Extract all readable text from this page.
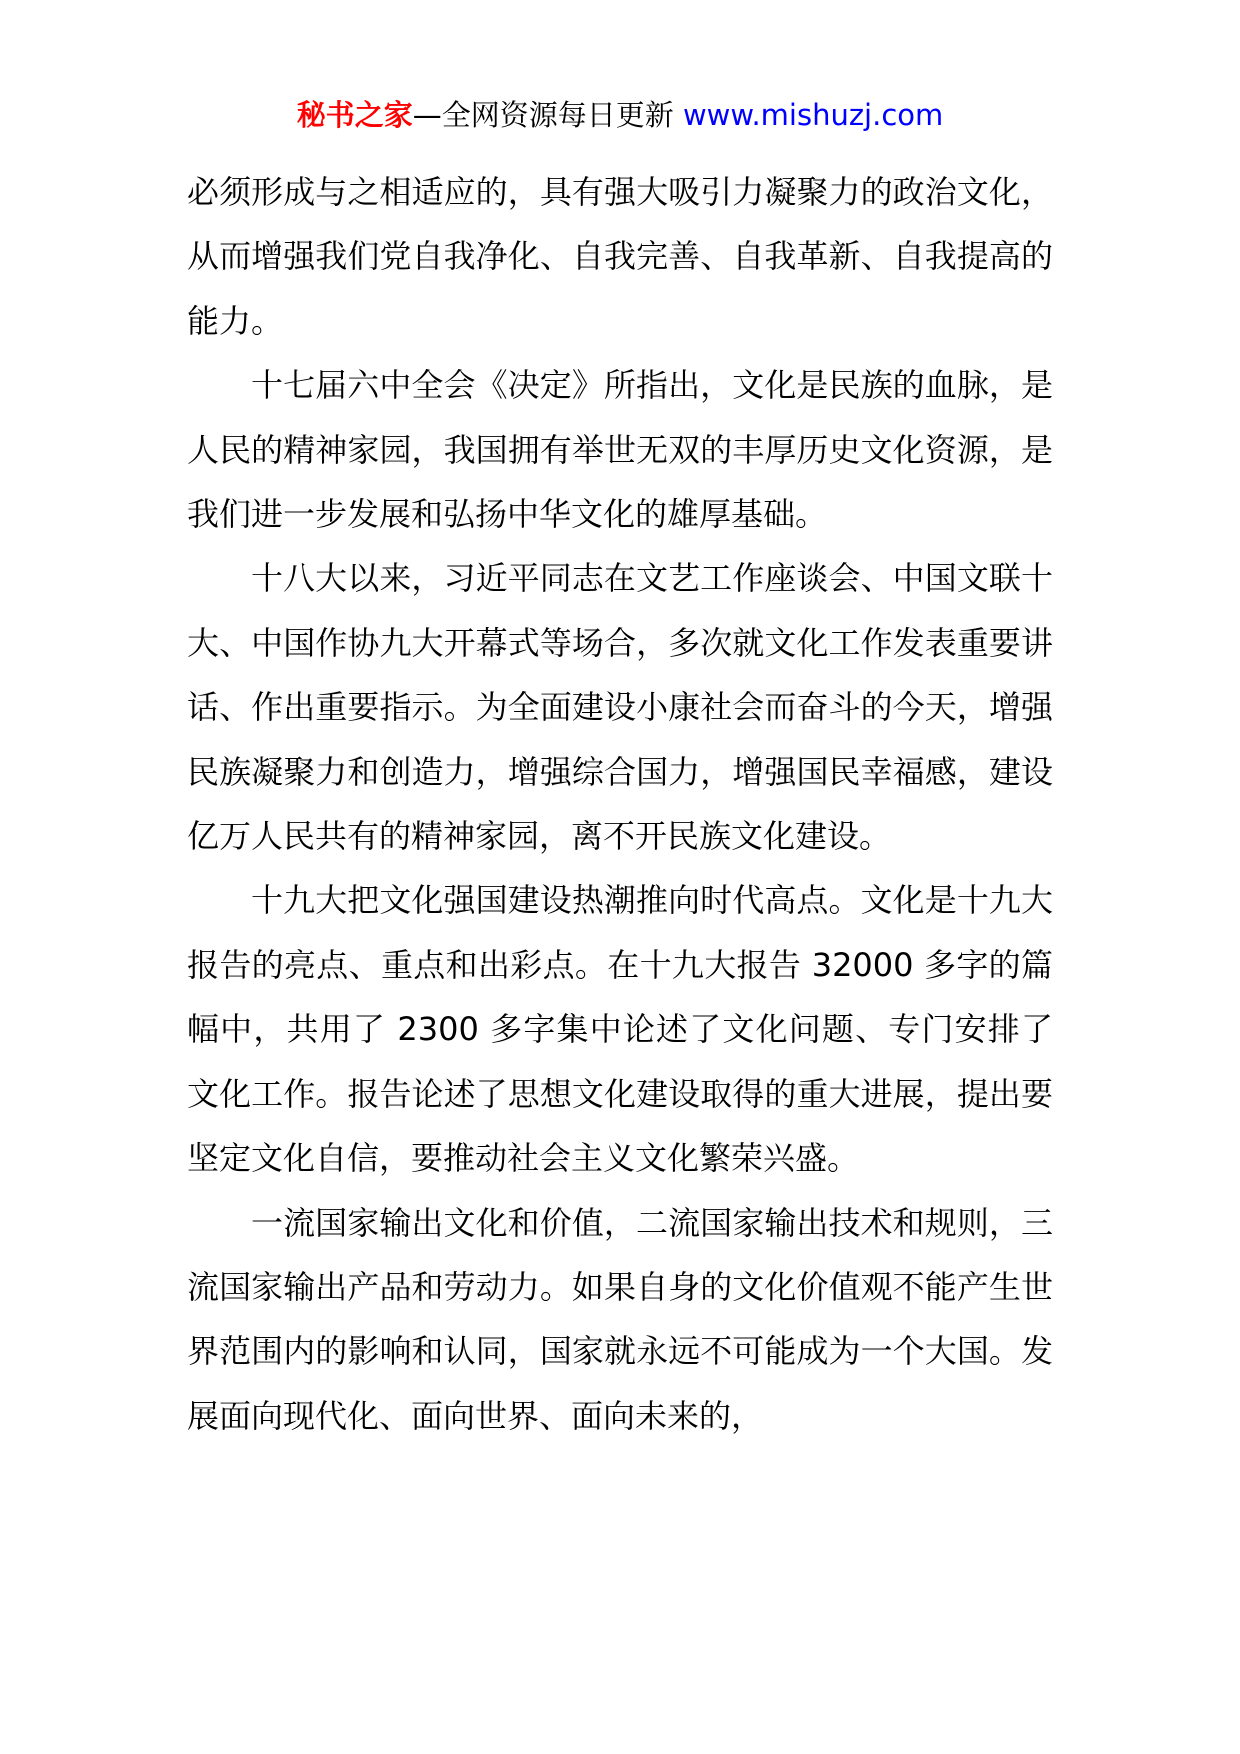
秘书之家—全网资源每日更新 www.mishuzj.com

必须形成与之相适应的，具有强大吸引力凝聚力的政治文化，从而增强我们党自我净化、自我完善、自我革新、自我提高的能力。

十七届六中全会《决定》所指出，文化是民族的血脉，是人民的精神家园，我国拥有举世无双的丰厚历史文化资源，是我们进一步发展和弘扬中华文化的雄厚基础。

十八大以来，习近平同志在文艺工作座谈会、中国文联十大、中国作协九大开幕式等场合，多次就文化工作发表重要讲话、作出重要指示。为全面建设小康社会而奋斗的今天，增强民族凝聚力和创造力，增强综合国力，增强国民幸福感，建设亿万人民共有的精神家园，离不开民族文化建设。

十九大把文化强国建设热潮推向时代高点。文化是十九大报告的亮点、重点和出彩点。在十九大报告 32000 多字的篇幅中，共用了 2300 多字集中论述了文化问题、专门安排了文化工作。报告论述了思想文化建设取得的重大进展，提出要坚定文化自信，要推动社会主义文化繁荣兴盛。

一流国家输出文化和价值，二流国家输出技术和规则，三流国家输出产品和劳动力。如果自身的文化价值观不能产生世界范围内的影响和认同，国家就永远不可能成为一个大国。发展面向现代化、面向世界、面向未来的，
